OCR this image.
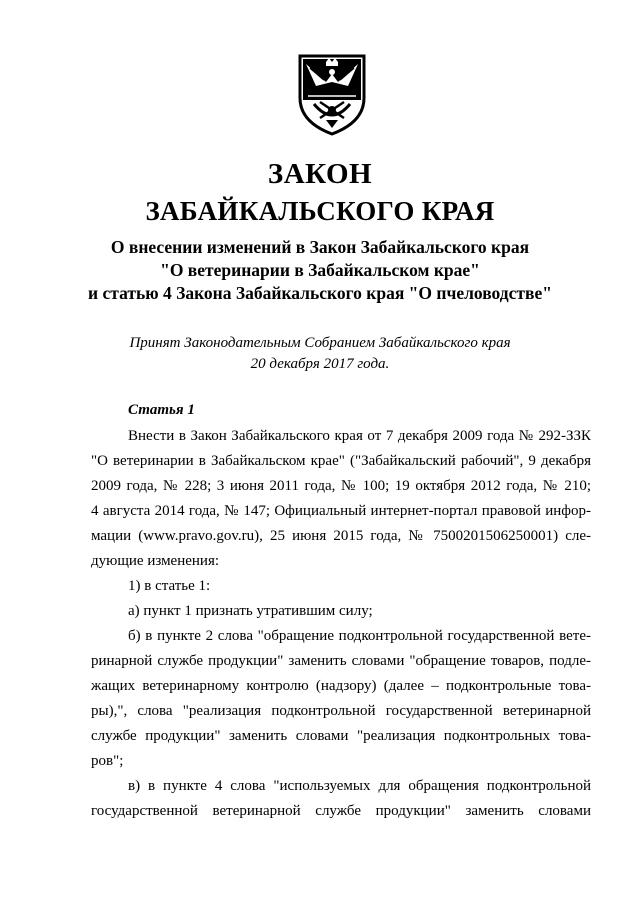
ЗАКОН
ЗАБАЙКАЛЬСКОГО КРАЯ
О внесении изменений в Закон Забайкальского края
"О ветеринарии в Забайкальском крае"
и статью 4 Закона Забайкальского края "О пчеловодстве"
Принят Законодательным Собранием Забайкальского края
20 декабря 2017 года.
Статья 1
Внести в Закон Забайкальского края от 7 декабря 2009 года № 292-ЗЗК
"О ветеринарии в Забайкальском крае" ("Забайкальский рабочий", 9 декабря
2009 года, № 228; 3 июня 2011 года, № 100; 19 октября 2012 года, № 210;
4 августа 2014 года, № 147; Официальный интернет-портал правовой инфор-
мации (www.pravo.gov.ru), 25 июня 2015 года, № 7500201506250001) сле-
дующие изменения:
1) в статье 1:
а) пункт 1 признать утратившим силу;
б) в пункте 2 слова "обращение подконтрольной государственной вете-
ринарной службе продукции" заменить словами "обращение товаров, подле-
жащих ветеринарному контролю (надзору) (далее – подконтрольные това-
ры),", слова "реализация подконтрольной государственной ветеринарной
службе продукции" заменить словами "реализация подконтрольных това-
ров";
в) в пункте 4 слова "используемых для обращения подконтрольной
государственной ветеринарной службе продукции" заменить словами
